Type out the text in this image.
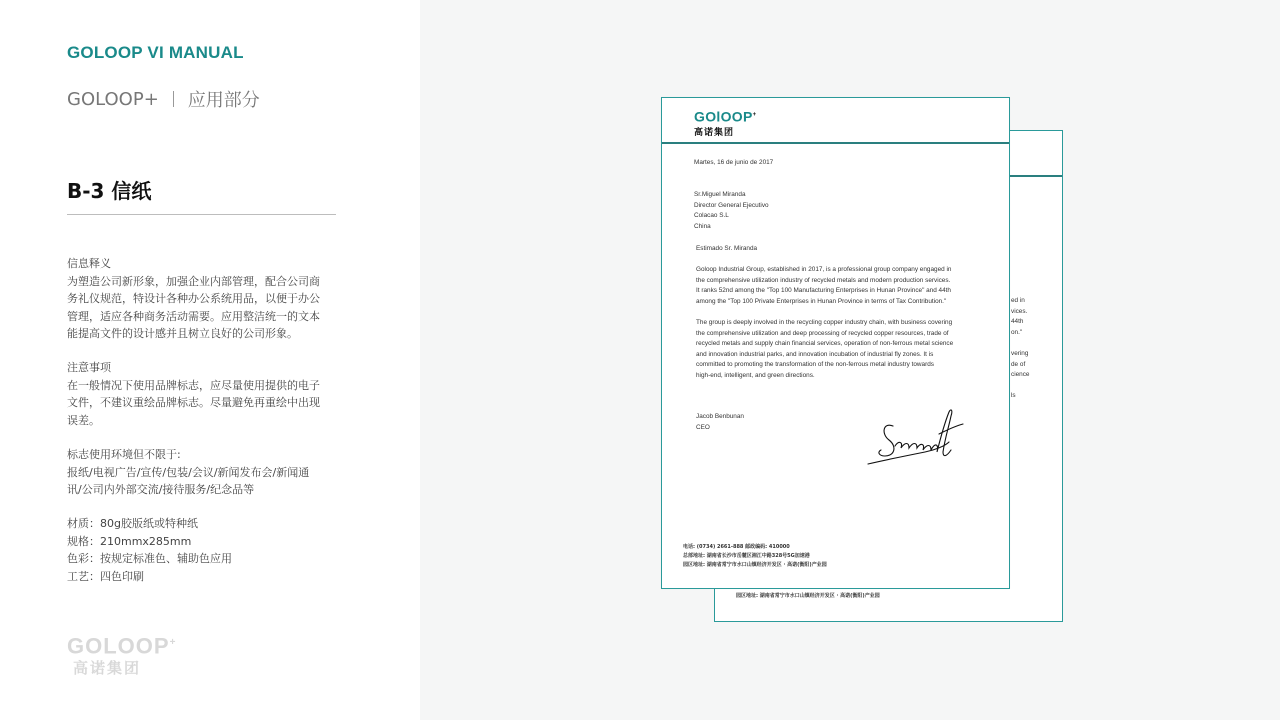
GOLOOP VI MANUAL
GOLOOP+ 应用部分
B-3 信纸

信息释义

为塑造公司新形象，加强企业内部管理，配合公司商

务礼仪规范，特设计各种办公系统用品，以便于办公

管理，适应各种商务活动需要。应用整洁统一的文本

能提高文件的设计感并且树立良好的公司形象。

注意事项

在一般情况下使用品牌标志，应尽量使用提供的电子

文件，不建议重绘品牌标志。尽量避免再重绘中出现

误差。

标志使用环境但不限于:

报纸/电视广告/宣传/包装/会议/新闻发布会/新闻通

讯/公司内外部交流/接待服务/纪念品等

材质：80g胶版纸或特种纸

规格：210mmx285mm

色彩：按规定标准色、辅助色应用

工艺：四色印刷

GOLOOP+
高诺集团

ed in

vices.

44th

on."

vering

de of

cience

ls

园区地址: 湖南省常宁市水口山镇经济开发区 · 高诺(衡阳)产业园

GOlOOP+
高诺集团
Martes, 16 de junio de 2017

Sr.Miguel Miranda

Director General Ejecutivo

Colacao S.L

China

Estimado Sr. Miranda

Goloop Industrial Group, established in 2017, is a professional group company engaged in

the comprehensive utilization industry of recycled metals and modern production services.

It ranks 52nd among the "Top 100 Manufacturing Enterprises in Hunan Province" and 44th

among the "Top 100 Private Enterprises in Hunan Province in terms of Tax Contribution."

The group is deeply involved in the recycling copper industry chain, with business covering

the comprehensive utilization and deep processing of recycled copper resources, trade of

recycled metals and supply chain financial services, operation of non-ferrous metal science

and innovation industrial parks, and innovation incubation of industrial fly zones. It is

committed to promoting the transformation of the non-ferrous metal industry towards

high-end, intelligent, and green directions.

Jacob Benbunan

CEO

电话: (0734) 2661-888 邮政编码: 410000

总部地址: 湖南省长沙市岳麓区湘江中路328号5G加速港

园区地址: 湖南省常宁市水口山镇经济开发区 · 高诺(衡阳)产业园
